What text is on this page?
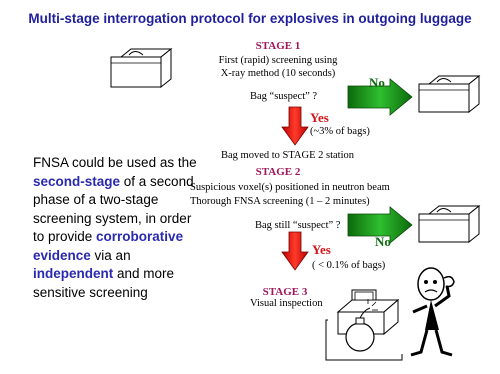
Multi-stage interrogation protocol for explosives in outgoing luggage
STAGE 1
First (rapid) screening using
X-ray method (10 seconds)
Bag “suspect” ?
No
Yes
(~3% of bags)
Bag moved to STAGE 2 station
STAGE 2
Suspicious voxel(s) positioned in neutron beam
Thorough FNSA screening (1 – 2 minutes)
Bag still “suspect” ?
No
Yes
( < 0.1% of bags)
STAGE 3
Visual inspection
FNSA could be used as the second-stage of a second phase of a two-stage screening system, in order to provide corroborative evidence via an independent and more sensitive screening
